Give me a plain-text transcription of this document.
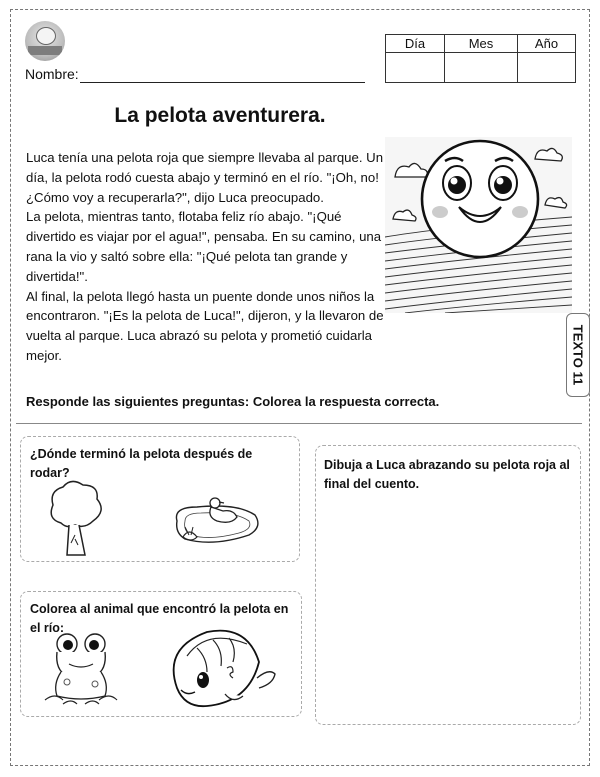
Nombre:
Día	Mes	Año

La pelota aventurera.

Luca tenía una pelota roja que siempre llevaba al parque. Un día, la pelota rodó cuesta abajo y terminó en el río. "¡Oh, no! ¿Cómo voy a recuperarla?", dijo Luca preocupado.

La pelota, mientras tanto, flotaba feliz río abajo. "¡Qué divertido es viajar por el agua!", pensaba. En su camino, una rana la vio y saltó sobre ella: "¡Qué pelota tan grande y divertida!".

Al final, la pelota llegó hasta un puente donde unos niños la encontraron. "¡Es la pelota de Luca!", dijeron, y la llevaron de vuelta al parque. Luca abrazó su pelota y prometió cuidarla mejor.	TEXTO 11
Responde las siguientes preguntas: Colorea la respuesta correcta.
¿Dónde terminó la pelota después de rodar?
Colorea al animal que encontró la pelota en el río:
Dibuja a Luca abrazando su pelota roja al final del cuento.
